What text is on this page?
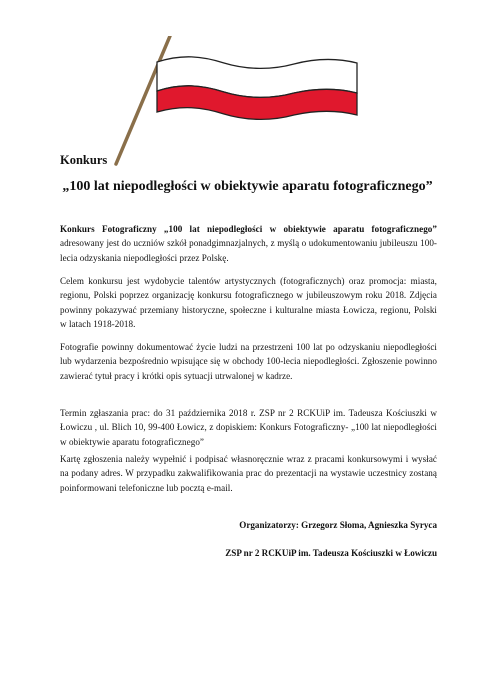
Konkurs
„100 lat niepodległości w obiektywie aparatu fotograficznego”

Konkurs Fotograficzny „100 lat niepodległości w obiektywie aparatu fotograficznego” adresowany jest do uczniów szkół ponadgimnazjalnych, z myślą o udokumentowaniu jubileuszu 100-lecia odzyskania niepodległości przez Polskę.

Celem konkursu jest wydobycie talentów artystycznych (fotograficznych) oraz promocja: miasta, regionu, Polski poprzez organizację konkursu fotograficznego w jubileuszowym roku 2018. Zdjęcia powinny pokazywać przemiany historyczne, społeczne i kulturalne miasta Łowicza, regionu, Polski w latach 1918-2018.

Fotografie powinny dokumentować życie ludzi na przestrzeni 100 lat po odzyskaniu niepodległości lub wydarzenia bezpośrednio wpisujące się w obchody 100-lecia niepodległości. Zgłoszenie powinno zawierać tytuł pracy i krótki opis sytuacji utrwalonej w kadrze.

Termin zgłaszania prac: do 31 października 2018 r. ZSP nr 2 RCKUiP im. Tadeusza Kościuszki w Łowiczu , ul. Blich 10, 99-400 Łowicz, z dopiskiem: Konkurs Fotograficzny- „100 lat niepodległości w obiektywie aparatu fotograficznego”

Kartę zgłoszenia należy wypełnić i podpisać własnoręcznie wraz z pracami konkursowymi i wysłać na podany adres. W przypadku zakwalifikowania prac do prezentacji na wystawie uczestnicy zostaną poinformowani telefoniczne lub pocztą e-mail.

Organizatorzy: Grzegorz Słoma, Agnieszka Syryca
ZSP nr 2 RCKUiP im. Tadeusza Kościuszki w Łowiczu
